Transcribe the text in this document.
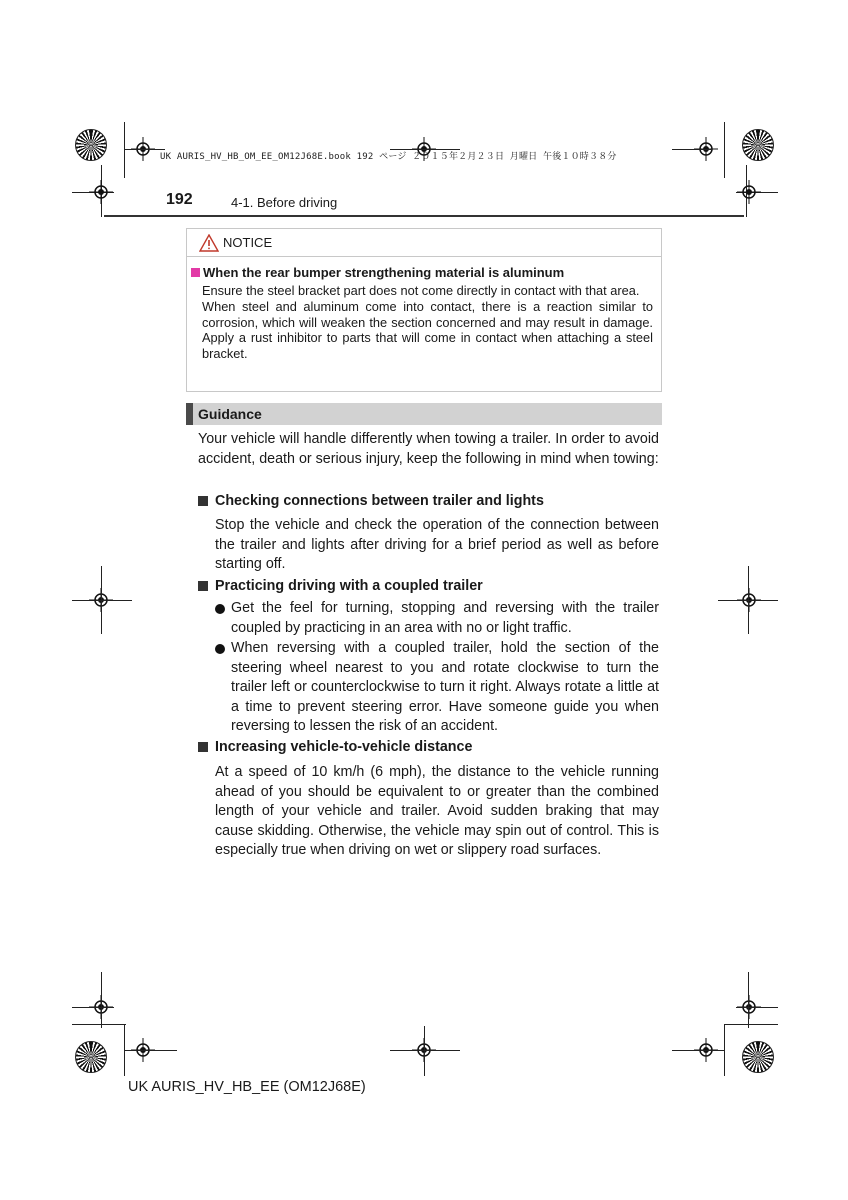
UK AURIS_HV_HB_OM_EE_OM12J68E.book 192 ページ ２０１５年２月２３日 月曜日 午後１０時３８分
192	4-1. Before driving
NOTICE
When the rear bumper strengthening material is aluminum
Ensure the steel bracket part does not come directly in contact with that area.
When steel and aluminum come into contact, there is a reaction similar to corrosion, which will weaken the section concerned and may result in damage. Apply a rust inhibitor to parts that will come in contact when attaching a steel bracket.
Guidance
Your vehicle will handle differently when towing a trailer. In order to avoid accident, death or serious injury, keep the following in mind when towing:
Checking connections between trailer and lights
Stop the vehicle and check the operation of the connection between the trailer and lights after driving for a brief period as well as before starting off.
Practicing driving with a coupled trailer
Get the feel for turning, stopping and reversing with the trailer coupled by practicing in an area with no or light traffic.
When reversing with a coupled trailer, hold the section of the steering wheel nearest to you and rotate clockwise to turn the trailer left or counterclockwise to turn it right. Always rotate a little at a time to prevent steering error. Have someone guide you when reversing to lessen the risk of an accident.
Increasing vehicle-to-vehicle distance
At a speed of 10 km/h (6 mph), the distance to the vehicle running ahead of you should be equivalent to or greater than the combined length of your vehicle and trailer. Avoid sudden braking that may cause skidding. Otherwise, the vehicle may spin out of control. This is especially true when driving on wet or slippery road surfaces.
UK AURIS_HV_HB_EE (OM12J68E)
